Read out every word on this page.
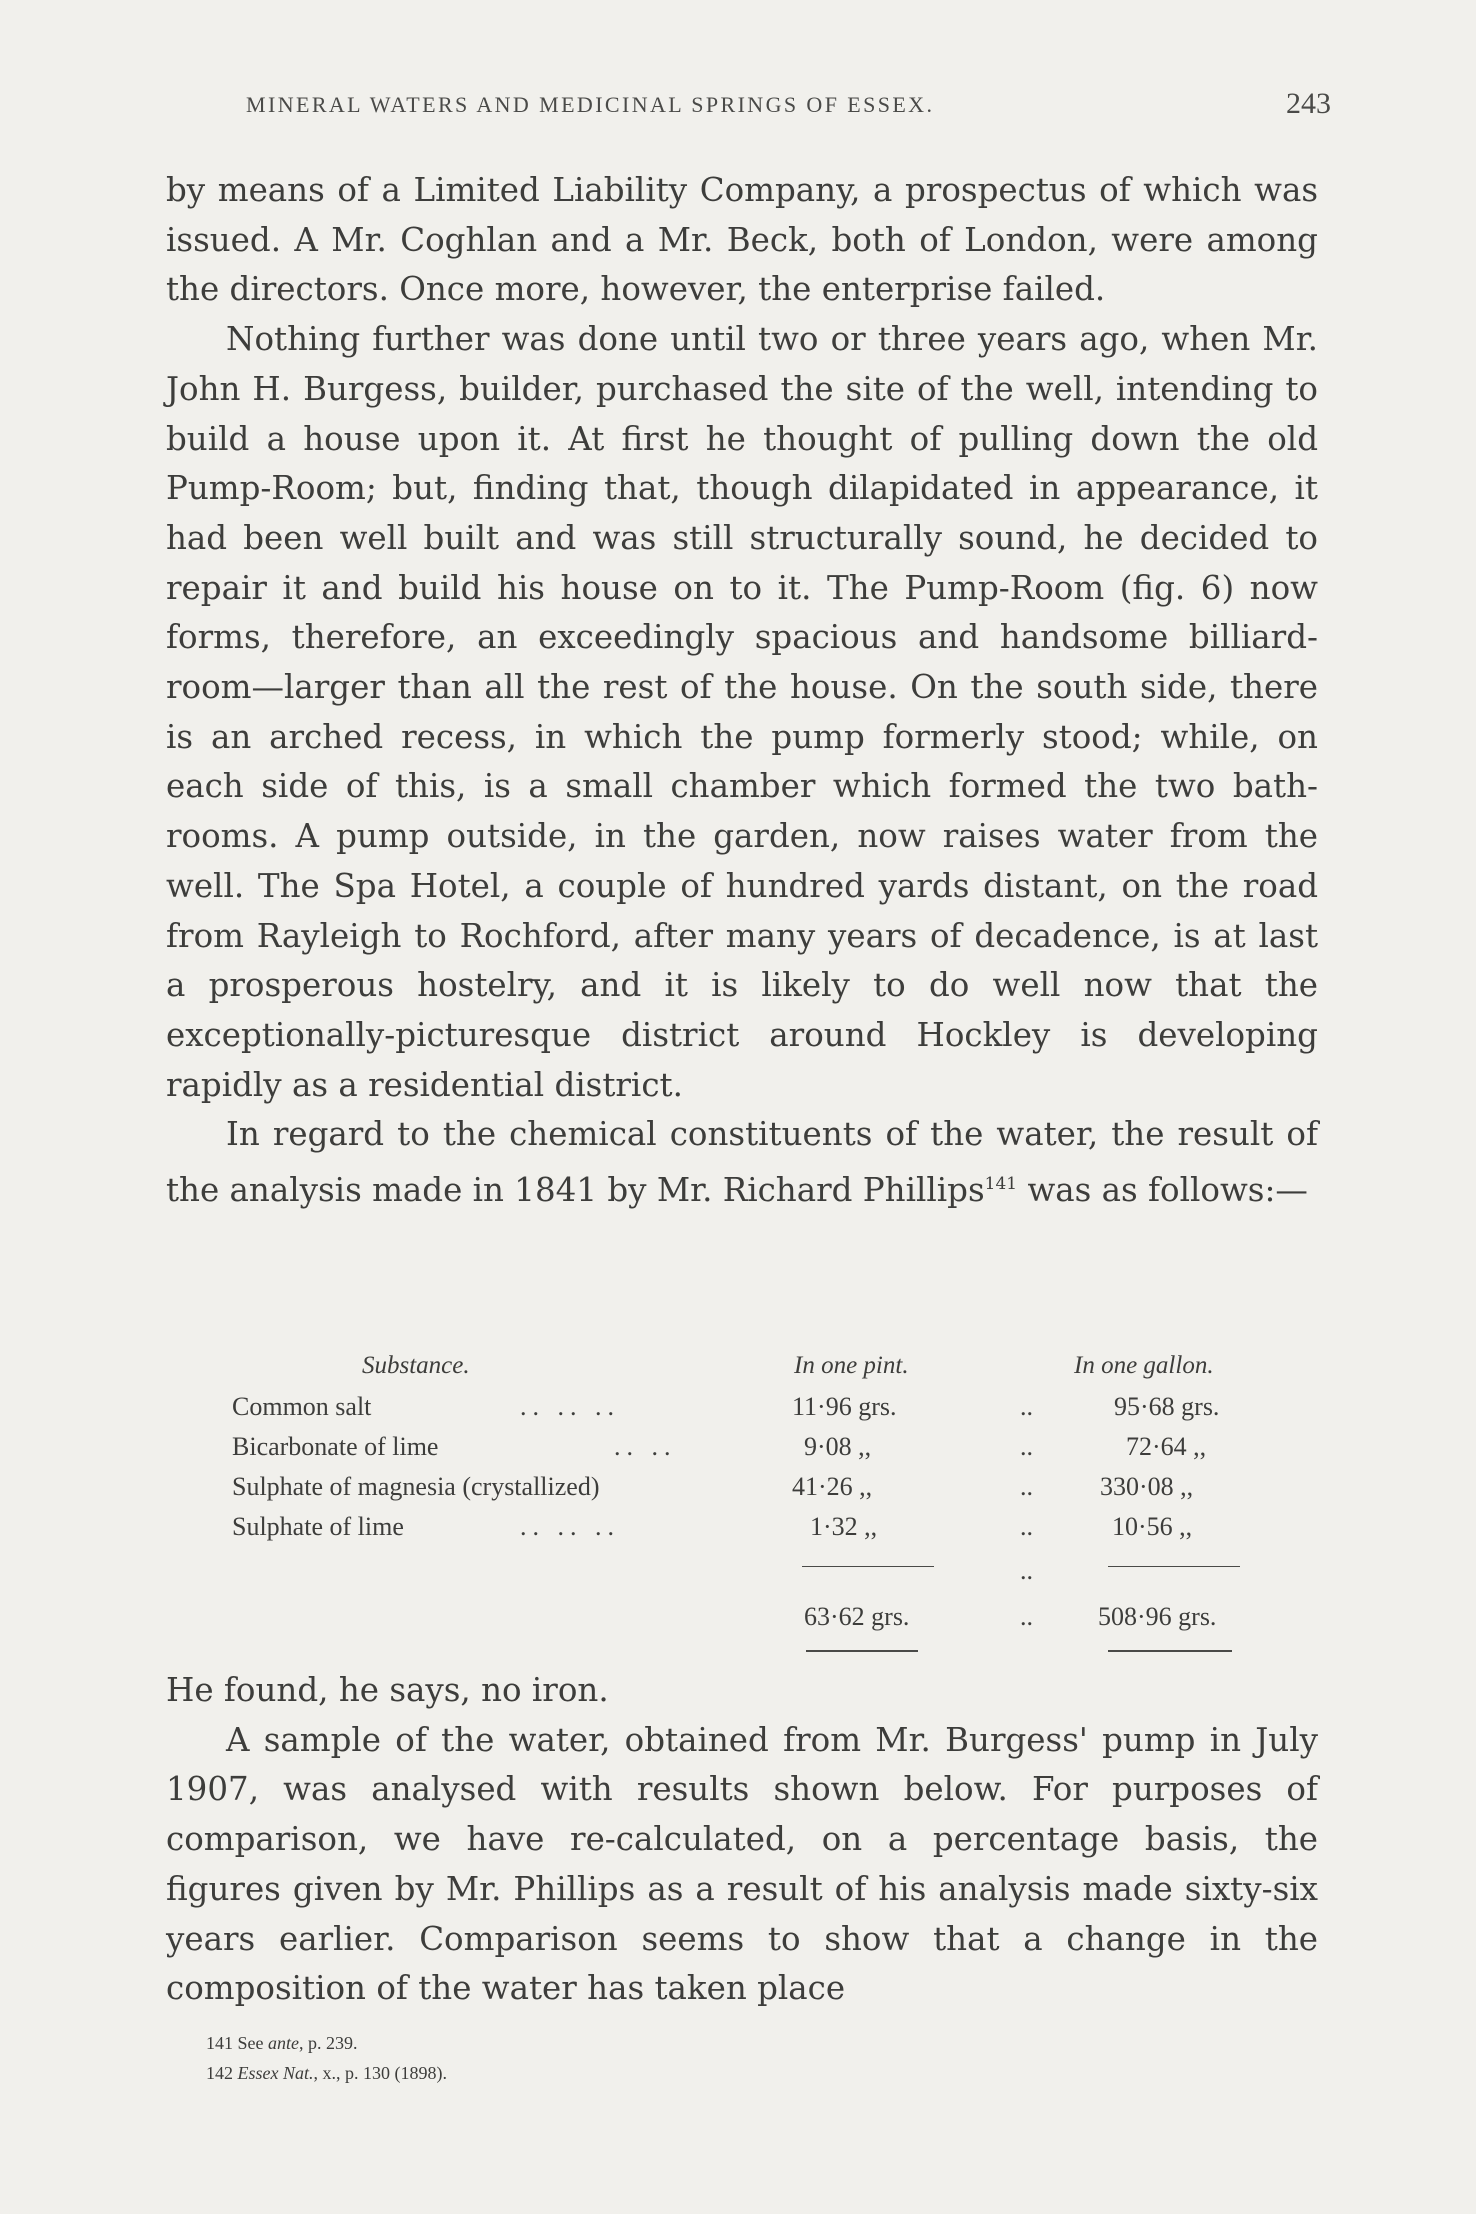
MINERAL WATERS AND MEDICINAL SPRINGS OF ESSEX.	243

by means of a Limited Liability Company, a prospectus of which was issued. A Mr. Coghlan and a Mr. Beck, both of London, were among the directors. Once more, however, the enterprise failed.

Nothing further was done until two or three years ago, when Mr. John H. Burgess, builder, purchased the site of the well, intending to build a house upon it. At first he thought of pulling down the old Pump-Room; but, finding that, though dilapidated in appearance, it had been well built and was still structurally sound, he decided to repair it and build his house on to it. The Pump-Room (fig. 6) now forms, therefore, an exceedingly spacious and handsome billiard-room—larger than all the rest of the house. On the south side, there is an arched recess, in which the pump formerly stood; while, on each side of this, is a small chamber which formed the two bath-rooms. A pump outside, in the garden, now raises water from the well. The Spa Hotel, a couple of hundred yards distant, on the road from Rayleigh to Rochford, after many years of decadence, is at last a prosperous hostelry, and it is likely to do well now that the exceptionally-picturesque district around Hockley is developing rapidly as a residential district.

In regard to the chemical constituents of the water, the result of the analysis made in 1841 by Mr. Richard Phillips$^{141}$ was as follows:—

Substance.	In one pint.	In one gallon.
Common salt	.. .. ..	11·96 grs.	..	95·68 grs.
Bicarbonate of lime	.. ..	9·08 ,,	..	72·64 ,,
Sulphate of magnesia (crystallized)	41·26 ,,	..	330·08 ,,
Sulphate of lime	.. .. ..	1·32 ,,	..	10·56 ,,
..
63·62 grs.	..	508·96 grs.

He found, he says, no iron.

A sample of the water, obtained from Mr. Burgess' pump in July 1907, was analysed with results shown below. For purposes of comparison, we have re-calculated, on a percentage basis, the figures given by Mr. Phillips as a result of his analysis made sixty-six years earlier. Comparison seems to show that a change in the composition of the water has taken place

141 See ante, p. 239.
142 Essex Nat., x., p. 130 (1898).
